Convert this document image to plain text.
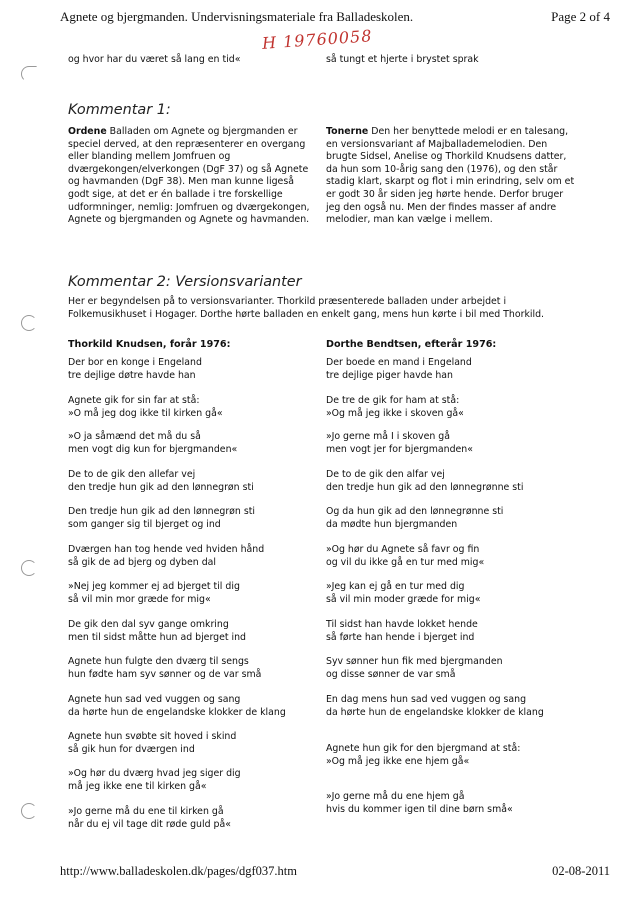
Agnete og bjergmanden. Undervisningsmateriale fra Balladeskolen.	Page 2 of 4
H 19760058
og hvor har du været så lang en tid«	så tungt et hjerte i brystet sprak
Kommentar 1:
Ordene Balladen om Agnete og bjergmanden er speciel derved, at den repræsenterer en overgang eller blanding mellem Jomfruen og dværgekongen/elverkongen (DgF 37) og så Agnete og havmanden (DgF 38). Men man kunne ligeså godt sige, at det er én ballade i tre forskellige udformninger, nemlig: Jomfruen og dværgekongen, Agnete og bjergmanden og Agnete og havmanden.
Tonerne Den her benyttede melodi er en talesang, en versionsvariant af Majballademelodien. Den brugte Sidsel, Anelise og Thorkild Knudsens datter, da hun som 10-årig sang den (1976), og den står stadig klart, skarpt og flot i min erindring, selv om et er godt 30 år siden jeg hørte hende. Derfor bruger jeg den også nu. Men der findes masser af andre melodier, man kan vælge i mellem.
Kommentar 2: Versionsvarianter
Her er begyndelsen på to versionsvarianter. Thorkild præsenterede balladen under arbejdet i Folkemusikhuset i Hogager. Dorthe hørte balladen en enkelt gang, mens hun kørte i bil med Thorkild.
Thorkild Knudsen, forår 1976:	Dorthe Bendtsen, efterår 1976:
Der bor en konge i Engeland
tre dejlige døtre havde han
Agnete gik for sin far at stå:
»O må jeg dog ikke til kirken gå«
»O ja såmænd det må du så
men vogt dig kun for bjergmanden«
De to de gik den allefar vej
den tredje hun gik ad den lønnegrøn sti
Den tredje hun gik ad den lønnegrøn sti
som ganger sig til bjerget og ind
Dværgen han tog hende ved hviden hånd
så gik de ad bjerg og dyben dal
»Nej jeg kommer ej ad bjerget til dig
så vil min mor græde for mig«
De gik den dal syv gange omkring
men til sidst måtte hun ad bjerget ind
Agnete hun fulgte den dværg til sengs
hun fødte ham syv sønner og de var små
Agnete hun sad ved vuggen og sang
da hørte hun de engelandske klokker de klang
Agnete hun svøbte sit hoved i skind
så gik hun for dværgen ind
»Og hør du dværg hvad jeg siger dig
må jeg ikke ene til kirken gå«
»Jo gerne må du ene til kirken gå
når du ej vil tage dit røde guld på«
Der boede en mand i Engeland
tre dejlige piger havde han
De tre de gik for ham at stå:
»Og må jeg ikke i skoven gå«
»Jo gerne må I i skoven gå
men vogt jer for bjergmanden«
De to de gik den alfar vej
den tredje hun gik ad den lønnegrønne sti
Og da hun gik ad den lønnegrønne sti
da mødte hun bjergmanden
»Og hør du Agnete så favr og fin
og vil du ikke gå en tur med mig«
»Jeg kan ej gå en tur med dig
så vil min moder græde for mig«
Til sidst han havde lokket hende
så førte han hende i bjerget ind
Syv sønner hun fik med bjergmanden
og disse sønner de var små
En dag mens hun sad ved vuggen og sang
da hørte hun de engelandske klokker de klang
Agnete hun gik for den bjergmand at stå:
»Og må jeg ikke ene hjem gå«
»Jo gerne må du ene hjem gå
hvis du kommer igen til dine børn små«
http://www.balladeskolen.dk/pages/dgf037.htm	02-08-2011
